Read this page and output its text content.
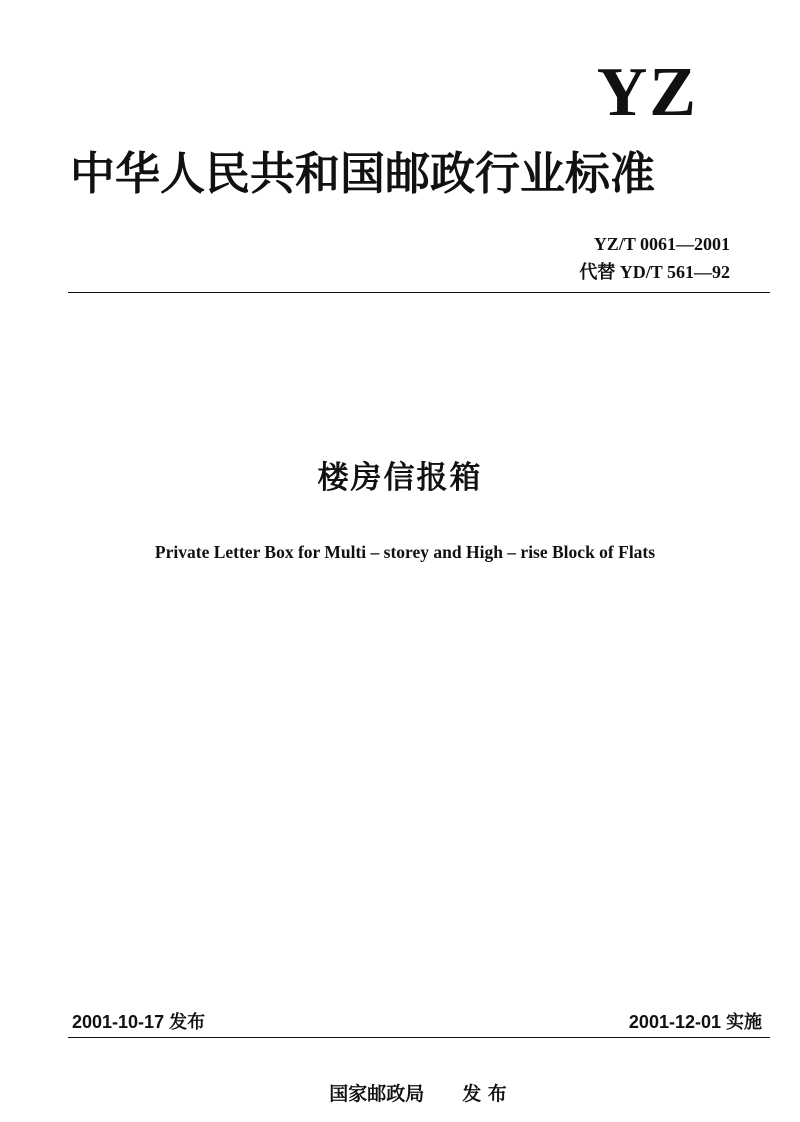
YZ
中华人民共和国邮政行业标准
YZ/T 0061—2001
代替 YD/T 561—92
楼房信报箱
Private Letter Box for Multi – storey and High – rise Block of Flats
2001-10-17 发布	2001-12-01 实施
国家邮政局　　发 布
